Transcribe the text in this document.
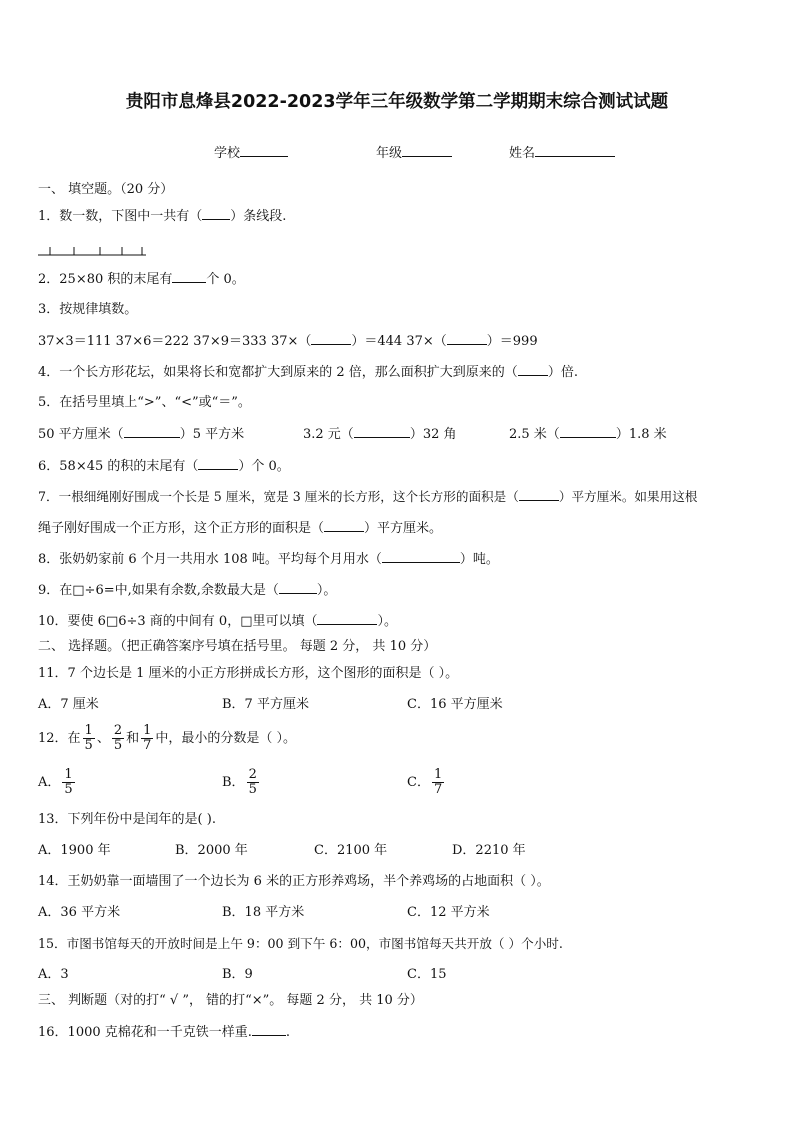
贵阳市息烽县2022-2023学年三年级数学第二学期期末综合测试试题
学校	年级	姓名
一、 填空题。（20 分）
1．数一数，下图中一共有（ ）条线段.
2．25×80 积的末尾有	个 0。
3．按规律填数。
37×3＝111 37×6＝222 37×9＝333 37×（	）＝444 37×（	）＝999
4．一个长方形花坛，如果将长和宽都扩大到原来的 2 倍，那么面积扩大到原来的（ ）倍.
5．在括号里填上“>”、“<”或“＝”。
50 平方厘米（	）5 平方米	3.2 元（	）32 角	2.5 米（	）1.8 米
6．58×45 的积的末尾有（	）个 0。
7．一根细绳刚好围成一个长是 5 厘米，宽是 3 厘米的长方形，这个长方形的面积是（	）平方厘米。如果用这根
绳子刚好围成一个正方形，这个正方形的面积是（	）平方厘米。
8．张奶奶家前 6 个月一共用水 108 吨。平均每个月用水（	）吨。
9．在□÷6=中,如果有余数,余数最大是（	）。
10．要使 6□6÷3 商的中间有 0，□里可以填（	）。
二、 选择题。（把正确答案序号填在括号里。 每题 2 分， 共 10 分）
11．7 个边长是 1 厘米的小正方形拼成长方形，这个图形的面积是（ ）。
A．7 厘米	B．7 平方厘米	C．16 平方厘米
12．在 $\frac{1}{5}$ 、 $\frac{2}{5}$ 和 $\frac{1}{7}$ 中，最小的分数是（ ）。
A． $\frac{1}{5}$	B． $\frac{2}{5}$	C． $\frac{1}{7}$
13．下列年份中是闰年的是( ).
A．1900 年	B．2000 年	C．2100 年	D．2210 年
14．王奶奶靠一面墙围了一个边长为 6 米的正方形养鸡场，半个养鸡场的占地面积（ ）。
A．36 平方米	B．18 平方米	C．12 平方米
15．市图书馆每天的开放时间是上午 9：00 到下午 6：00，市图书馆每天共开放（ ）个小时.
A．3	B．9	C．15
三、 判断题（对的打“ √ ”， 错的打“×”。 每题 2 分， 共 10 分）
16．1000 克棉花和一千克铁一样重.	.
